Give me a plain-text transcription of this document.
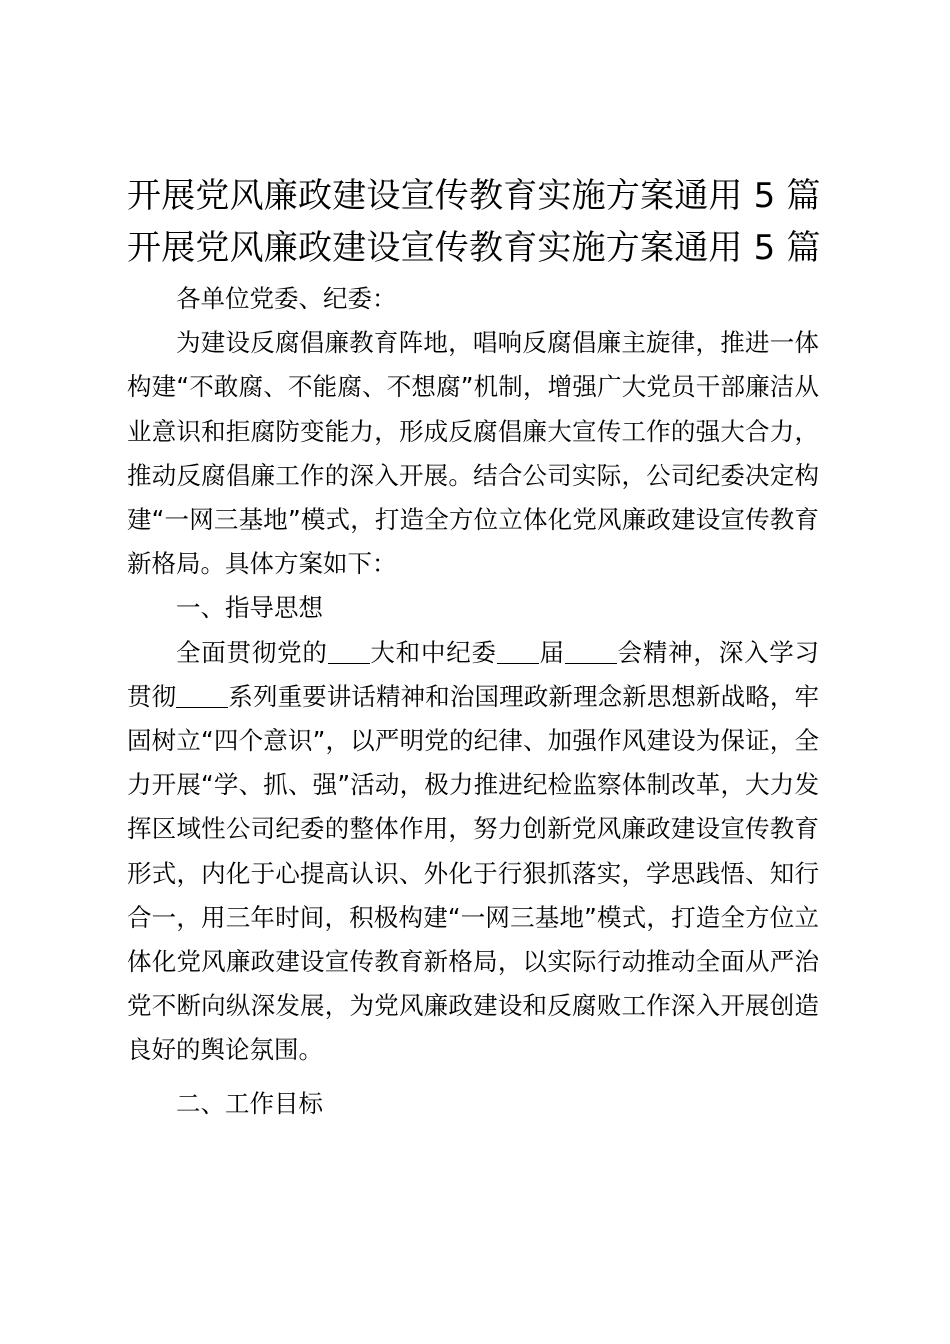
开展党风廉政建设宣传教育实施方案通用 5 篇
开展党风廉政建设宣传教育实施方案通用 5 篇

各单位党委、纪委：

为建设反腐倡廉教育阵地，唱响反腐倡廉主旋律，推进一体构建“不敢腐、不能腐、不想腐”机制，增强广大党员干部廉洁从业意识和拒腐防变能力，形成反腐倡廉大宣传工作的强大合力，推动反腐倡廉工作的深入开展。结合公司实际，公司纪委决定构建“一网三基地”模式，打造全方位立体化党风廉政建设宣传教育新格局。具体方案如下：

一、指导思想

全面贯彻党的 大和中纪委 届 会精神，深入学习贯彻 系列重要讲话精神和治国理政新理念新思想新战略，牢固树立“四个意识”，以严明党的纪律、加强作风建设为保证，全力开展“学、抓、强”活动，极力推进纪检监察体制改革，大力发挥区域性公司纪委的整体作用，努力创新党风廉政建设宣传教育形式，内化于心提高认识、外化于行狠抓落实，学思践悟、知行合一，用三年时间，积极构建“一网三基地”模式，打造全方位立体化党风廉政建设宣传教育新格局，以实际行动推动全面从严治党不断向纵深发展，为党风廉政建设和反腐败工作深入开展创造良好的舆论氛围。

二、工作目标
